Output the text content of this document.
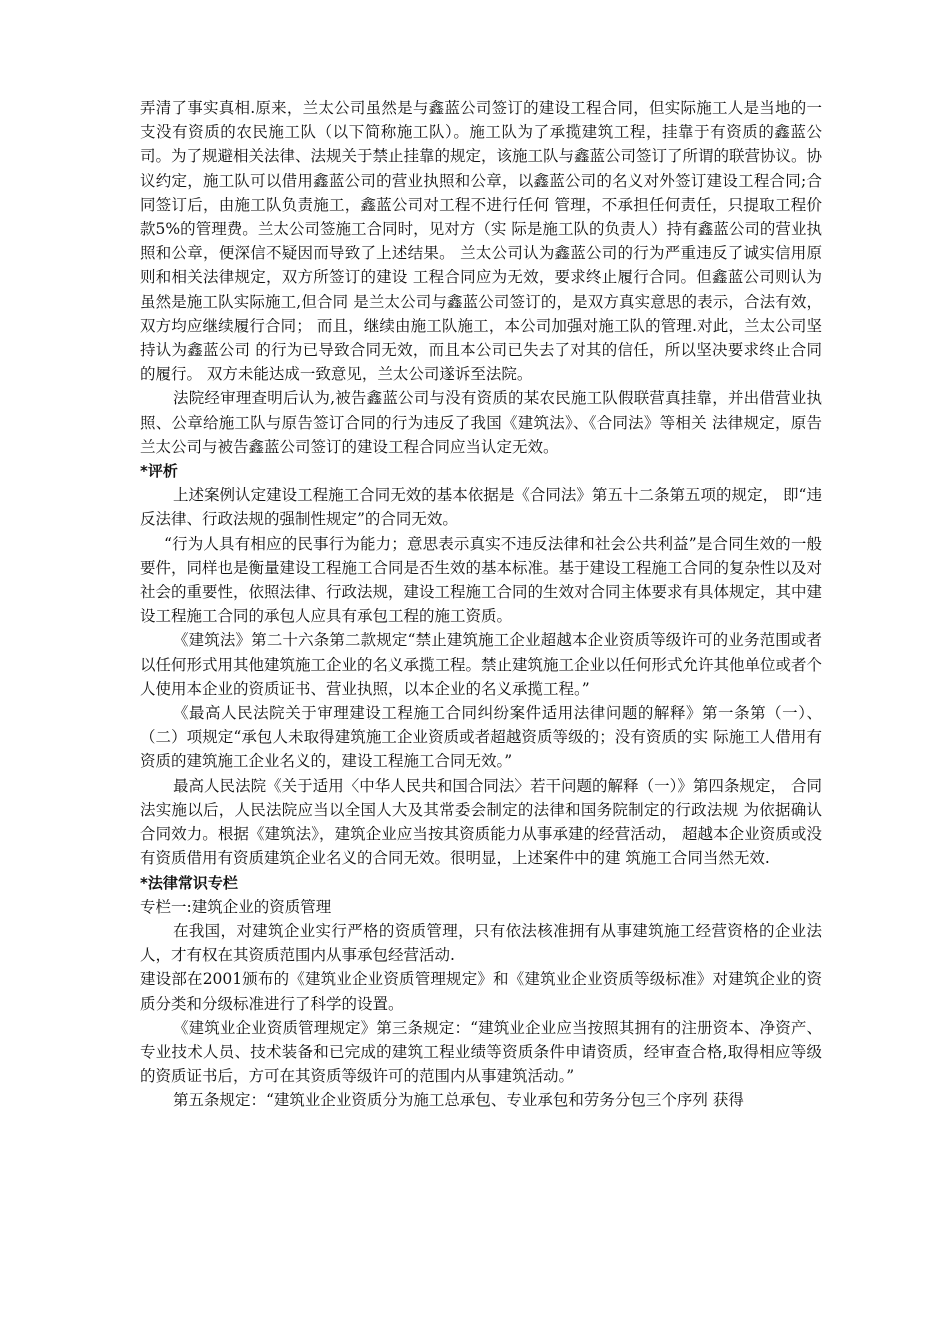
弄清了事实真相.原来，兰太公司虽然是与鑫蓝公司签订的建设工程合同，但实际施工人是当地的一支没有资质的农民施工队（以下简称施工队）。施工队为了承揽建筑工程，挂靠于有资质的鑫蓝公司。为了规避相关法律、法规关于禁止挂靠的规定，该施工队与鑫蓝公司签订了所谓的联营协议。协议约定，施工队可以借用鑫蓝公司的营业执照和公章，以鑫蓝公司的名义对外签订建设工程合同;合同签订后，由施工队负责施工，鑫蓝公司对工程不进行任何 管理，不承担任何责任，只提取工程价款5%的管理费。兰太公司签施工合同时，见对方（实 际是施工队的负责人）持有鑫蓝公司的营业执照和公章，便深信不疑因而导致了上述结果。 兰太公司认为鑫蓝公司的行为严重违反了诚实信用原则和相关法律规定，双方所签订的建设 工程合同应为无效，要求终止履行合同。但鑫蓝公司则认为虽然是施工队实际施工,但合同 是兰太公司与鑫蓝公司签订的，是双方真实意思的表示，合法有效，双方均应继续履行合同； 而且，继续由施工队施工，本公司加强对施工队的管理.对此，兰太公司坚持认为鑫蓝公司 的行为已导致合同无效，而且本公司已失去了对其的信任，所以坚决要求终止合同的履行。 双方未能达成一致意见，兰太公司遂诉至法院。

法院经审理查明后认为,被告鑫蓝公司与没有资质的某农民施工队假联营真挂靠，并出借营业执照、公章给施工队与原告签订合同的行为违反了我国《建筑法》、《合同法》等相关 法律规定，原告兰太公司与被告鑫蓝公司签订的建设工程合同应当认定无效。

*评析

上述案例认定建设工程施工合同无效的基本依据是《合同法》第五十二条第五项的规定， 即“违反法律、行政法规的强制性规定”的合同无效。

“行为人具有相应的民事行为能力；意思表示真实不违反法律和社会公共利益”是合同生效的一般要件，同样也是衡量建设工程施工合同是否生效的基本标准。基于建设工程施工合同的复杂性以及对社会的重要性，依照法律、行政法规，建设工程施工合同的生效对合同主体要求有具体规定，其中建设工程施工合同的承包人应具有承包工程的施工资质。

《建筑法》第二十六条第二款规定“禁止建筑施工企业超越本企业资质等级许可的业务范围或者以任何形式用其他建筑施工企业的名义承揽工程。禁止建筑施工企业以任何形式允许其他单位或者个人使用本企业的资质证书、营业执照，以本企业的名义承揽工程。”

《最高人民法院关于审理建设工程施工合同纠纷案件适用法律问题的解释》第一条第（一）、（二）项规定“承包人未取得建筑施工企业资质或者超越资质等级的；没有资质的实 际施工人借用有资质的建筑施工企业名义的，建设工程施工合同无效。”

最高人民法院《关于适用〈中华人民共和国合同法〉若干问题的解释（一）》第四条规定， 合同法实施以后，人民法院应当以全国人大及其常委会制定的法律和国务院制定的行政法规 为依据确认合同效力。根据《建筑法》，建筑企业应当按其资质能力从事承建的经营活动， 超越本企业资质或没有资质借用有资质建筑企业名义的合同无效。很明显，上述案件中的建 筑施工合同当然无效.

*法律常识专栏

专栏一:建筑企业的资质管理

在我国，对建筑企业实行严格的资质管理，只有依法核准拥有从事建筑施工经营资格的企业法人，才有权在其资质范围内从事承包经营活动.

建设部在2001颁布的《建筑业企业资质管理规定》和《建筑业企业资质等级标准》对建筑企业的资质分类和分级标准进行了科学的设置。

《建筑业企业资质管理规定》第三条规定：“建筑业企业应当按照其拥有的注册资本、净资产、专业技术人员、技术装备和已完成的建筑工程业绩等资质条件申请资质，经审查合格,取得相应等级的资质证书后，方可在其资质等级许可的范围内从事建筑活动。”

第五条规定：“建筑业企业资质分为施工总承包、专业承包和劳务分包三个序列 获得
